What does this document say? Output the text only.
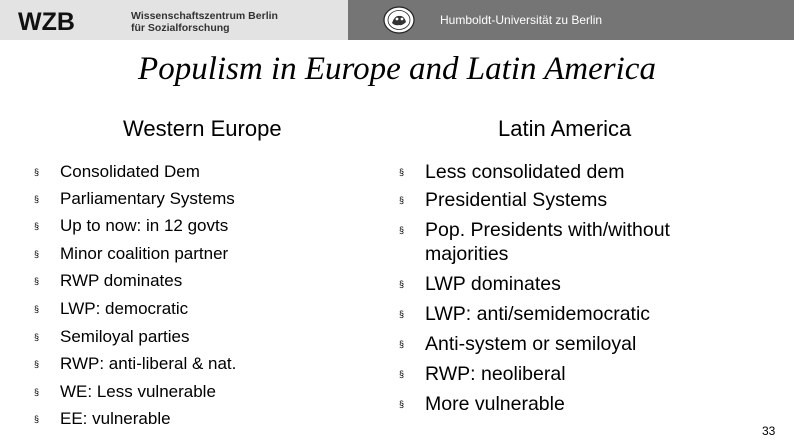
WZB	Wissenschaftszentrum Berlin
für Sozialforschung
Humboldt-Universität zu Berlin
Populism in Europe and Latin America
Western Europe	Latin America
§ Consolidated Dem
§ Parliamentary Systems
§ Up to now: in 12 govts
§ Minor coalition partner
§ RWP dominates
§ LWP: democratic
§ Semiloyal parties
§ RWP: anti-liberal & nat.
§ WE: Less vulnerable
§ EE: vulnerable
§ Less consolidated dem
§ Presidential Systems
§ Pop. Presidents with/without
majorities
§ LWP dominates
§ LWP: anti/semidemocratic
§ Anti-system or semiloyal
§ RWP: neoliberal
§ More vulnerable
33
